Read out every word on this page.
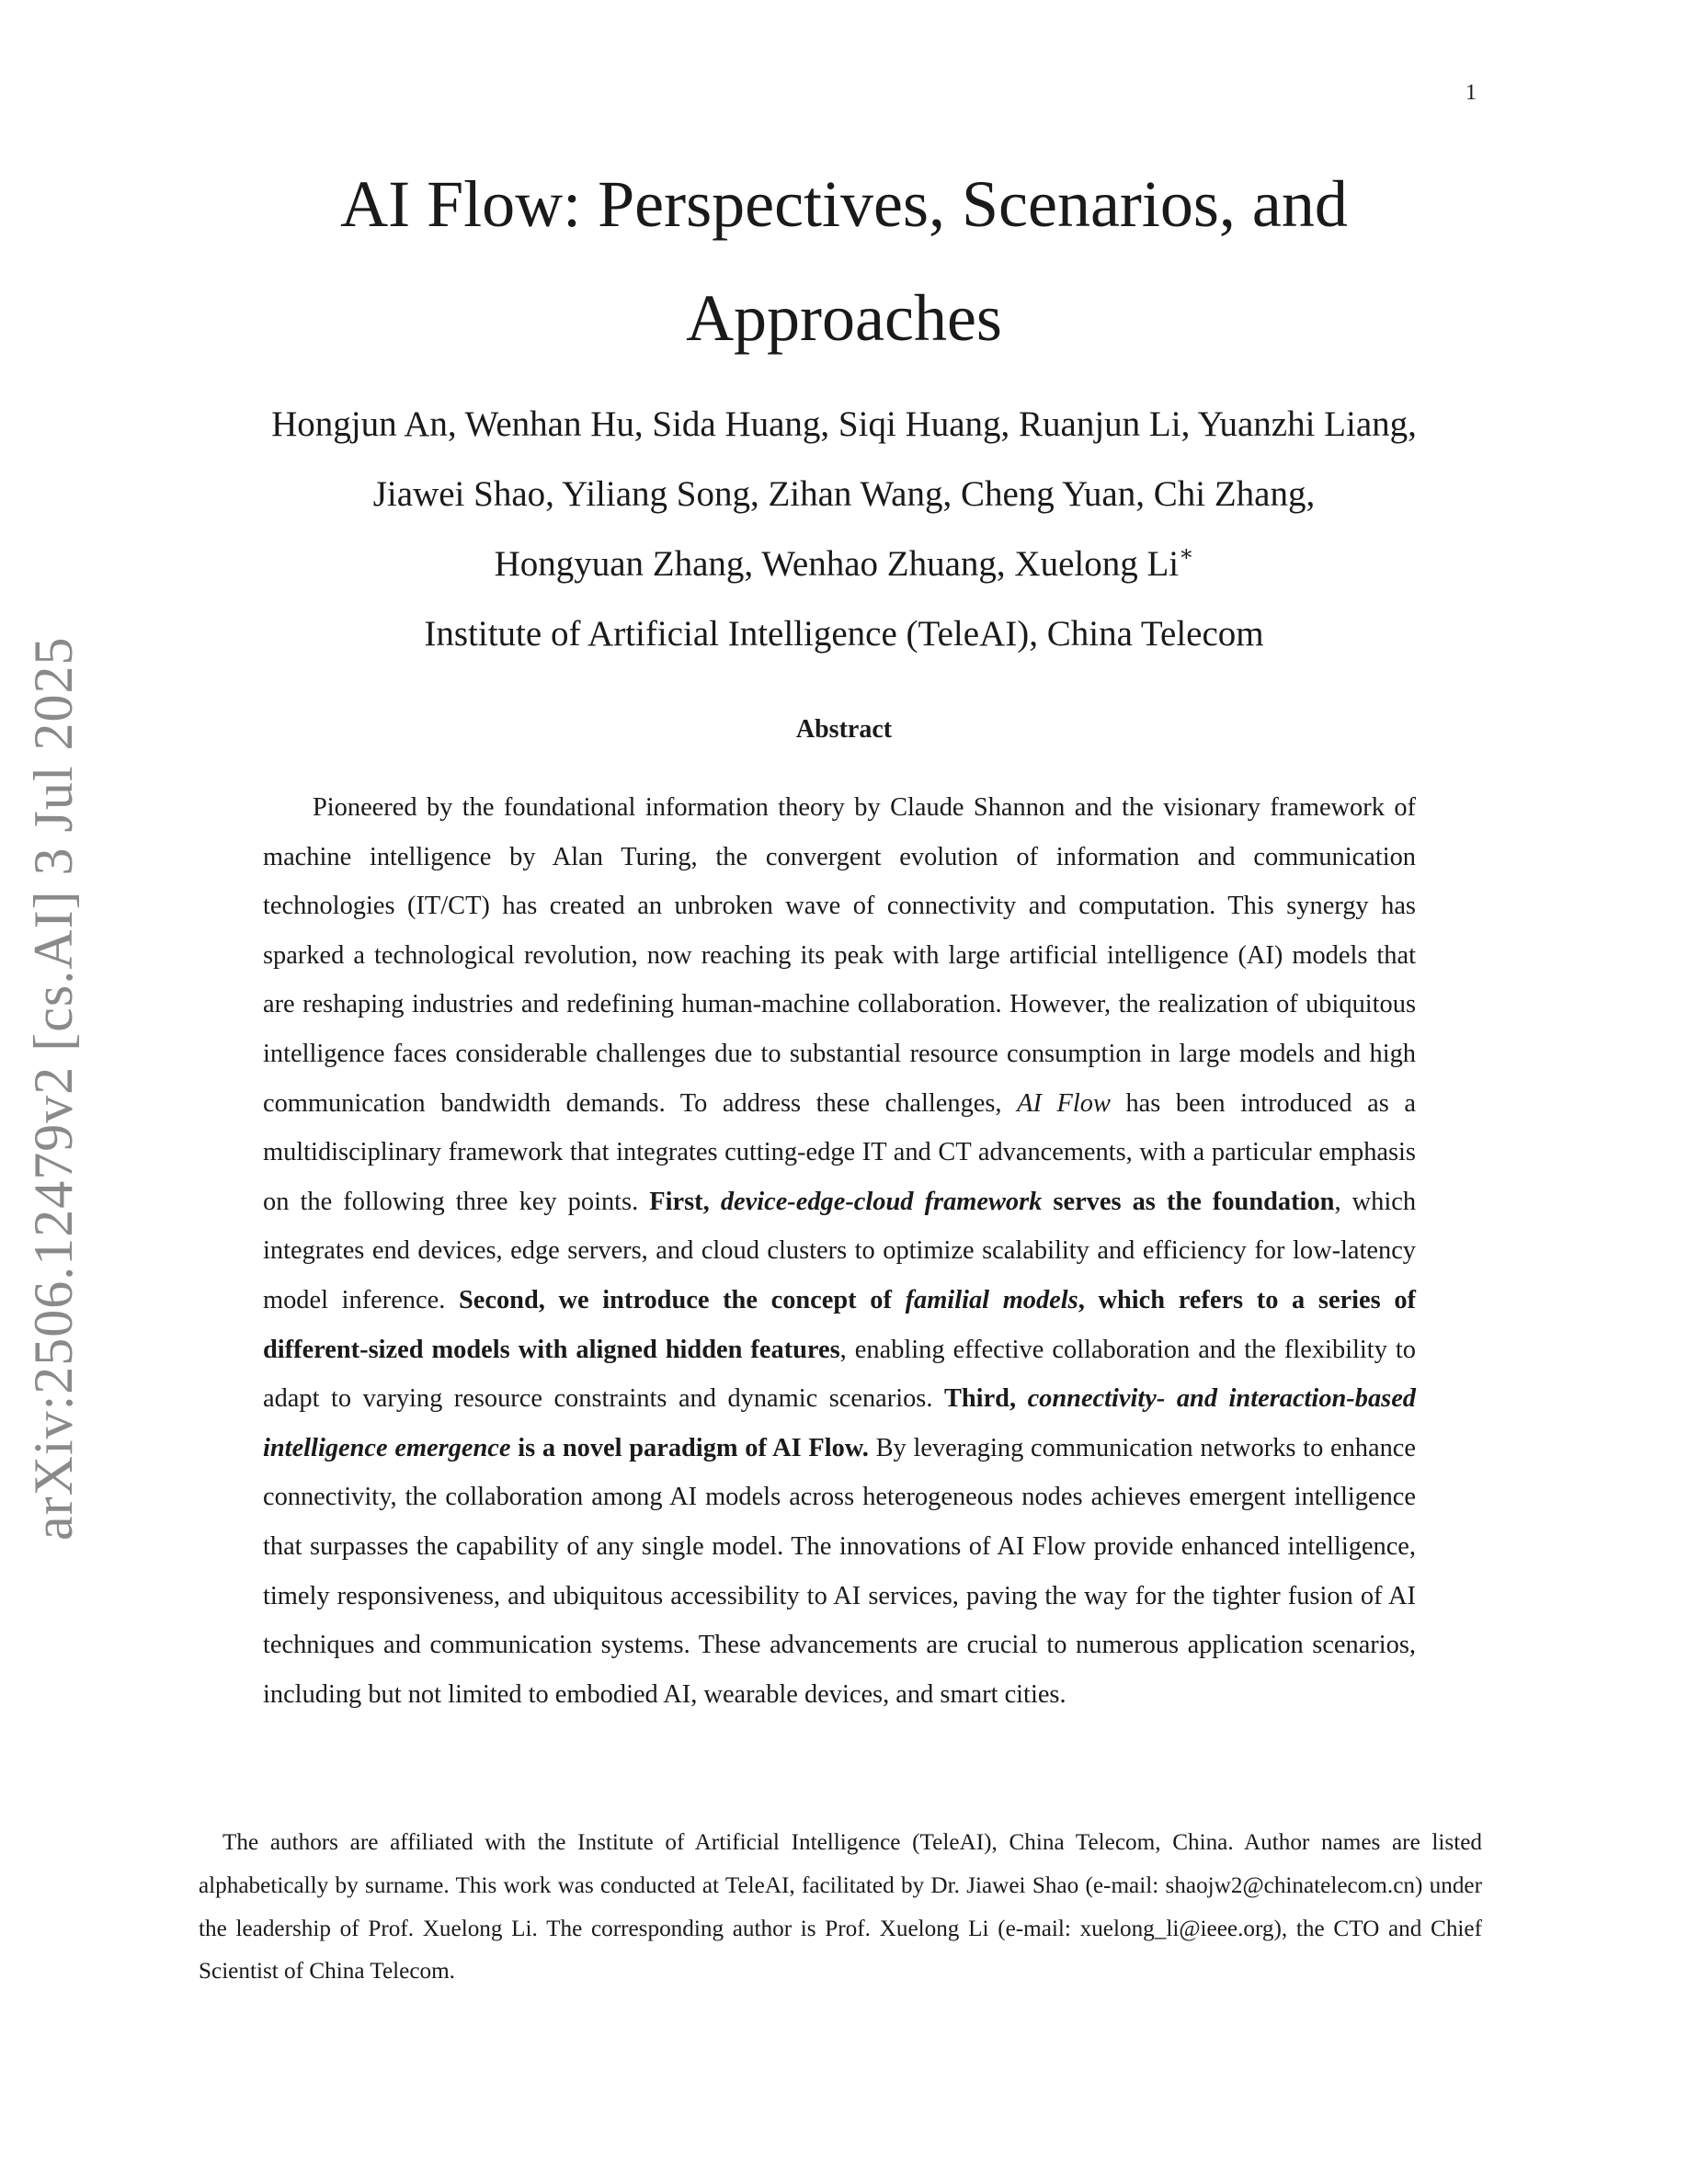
1
arXiv:2506.12479v2 [cs.AI] 3 Jul 2025
AI Flow: Perspectives, Scenarios, and Approaches
Hongjun An, Wenhan Hu, Sida Huang, Siqi Huang, Ruanjun Li, Yuanzhi Liang,
Jiawei Shao, Yiliang Song, Zihan Wang, Cheng Yuan, Chi Zhang,
Hongyuan Zhang, Wenhao Zhuang, Xuelong Li∗
Institute of Artificial Intelligence (TeleAI), China Telecom
Abstract

Pioneered by the foundational information theory by Claude Shannon and the visionary framework of machine intelligence by Alan Turing, the convergent evolution of information and communication technologies (IT/CT) has created an unbroken wave of connectivity and computation. This synergy has sparked a technological revolution, now reaching its peak with large artificial intelligence (AI) models that are reshaping industries and redefining human-machine collaboration. However, the realization of ubiquitous intelligence faces considerable challenges due to substantial resource consumption in large models and high communication bandwidth demands. To address these challenges, AI Flow has been introduced as a multidisciplinary framework that integrates cutting-edge IT and CT advancements, with a particular emphasis on the following three key points. First, device-edge-cloud framework serves as the foundation, which integrates end devices, edge servers, and cloud clusters to optimize scalability and efficiency for low-latency model inference. Second, we introduce the concept of familial models, which refers to a series of different-sized models with aligned hidden features, enabling effective collaboration and the flexibility to adapt to varying resource constraints and dynamic scenarios. Third, connectivity- and interaction-based intelligence emergence is a novel paradigm of AI Flow. By leveraging communication networks to enhance connectivity, the collaboration among AI models across heterogeneous nodes achieves emergent intelligence that surpasses the capability of any single model. The innovations of AI Flow provide enhanced intelligence, timely responsiveness, and ubiquitous accessibility to AI services, paving the way for the tighter fusion of AI techniques and communication systems. These advancements are crucial to numerous application scenarios, including but not limited to embodied AI, wearable devices, and smart cities.

The authors are affiliated with the Institute of Artificial Intelligence (TeleAI), China Telecom, China. Author names are listed alphabetically by surname. This work was conducted at TeleAI, facilitated by Dr. Jiawei Shao (e-mail: shaojw2@chinatelecom.cn) under the leadership of Prof. Xuelong Li. The corresponding author is Prof. Xuelong Li (e-mail: xuelong_li@ieee.org), the CTO and Chief Scientist of China Telecom.
